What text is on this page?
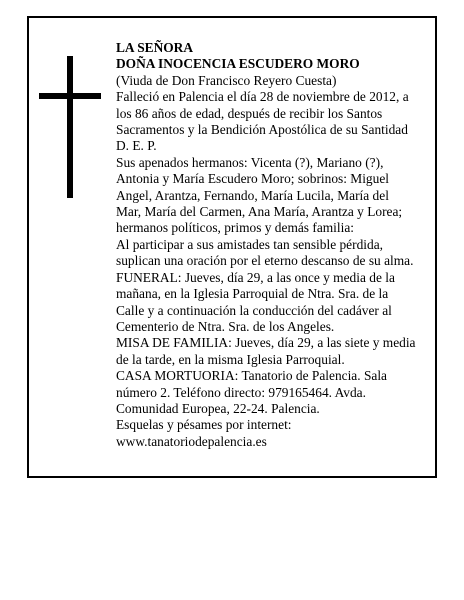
LA SEÑORA
DOÑA INOCENCIA ESCUDERO MORO
(Viuda de Don Francisco Reyero Cuesta)
Falleció en Palencia el día 28 de noviembre de 2012, a
los 86 años de edad, después de recibir los Santos
Sacramentos y la Bendición Apostólica de su Santidad
D. E. P.
Sus apenados hermanos: Vicenta (?), Mariano (?),
Antonia y María Escudero Moro; sobrinos: Miguel
Angel, Arantza, Fernando, María Lucila, María del
Mar, María del Carmen, Ana María, Arantza y Lorea;
hermanos políticos, primos y demás familia:
Al participar a sus amistades tan sensible pérdida,
suplican una oración por el eterno descanso de su alma.
FUNERAL: Jueves, día 29, a las once y media de la
mañana, en la Iglesia Parroquial de Ntra. Sra. de la
Calle y a continuación la conducción del cadáver al
Cementerio de Ntra. Sra. de los Angeles.
MISA DE FAMILIA: Jueves, día 29, a las siete y media
de la tarde, en la misma Iglesia Parroquial.
CASA MORTUORIA: Tanatorio de Palencia. Sala
número 2. Teléfono directo: 979165464. Avda.
Comunidad Europea, 22-24. Palencia.
Esquelas y pésames por internet:
www.tanatoriodepalencia.es
